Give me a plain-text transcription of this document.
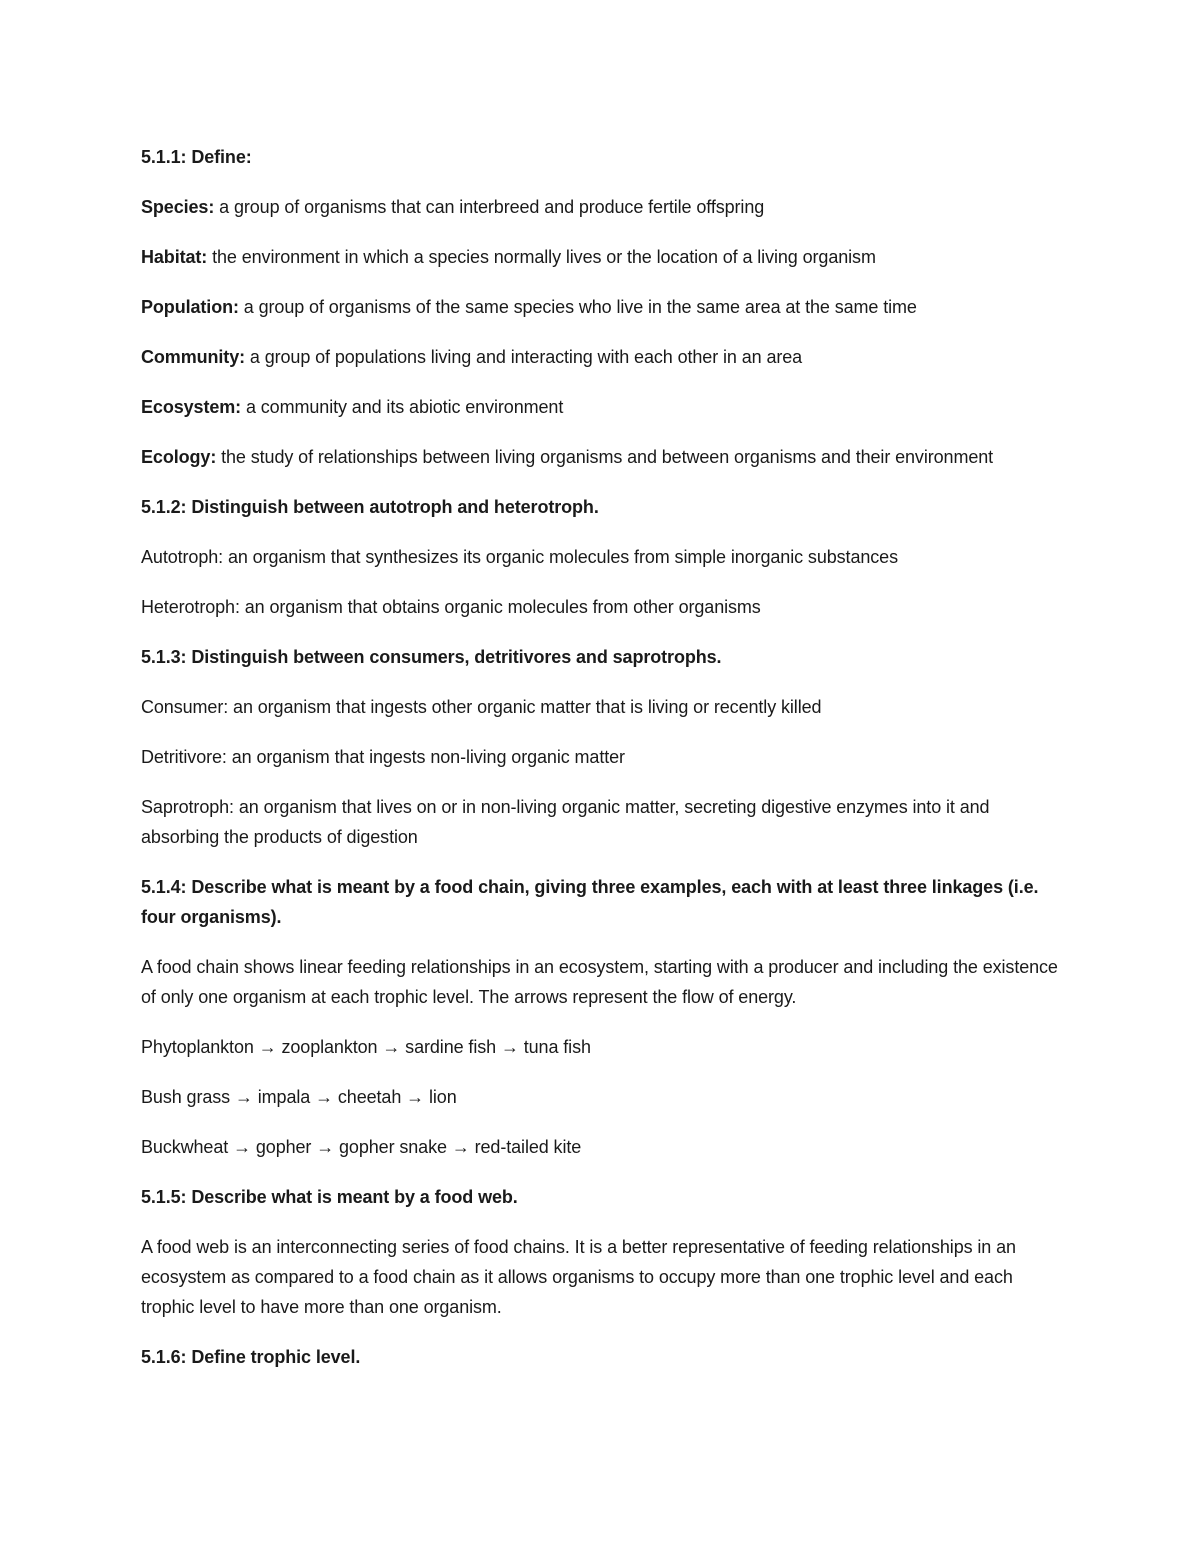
5.1.1: Define:

Species: a group of organisms that can interbreed and produce fertile offspring

Habitat: the environment in which a species normally lives or the location of a living organism

Population: a group of organisms of the same species who live in the same area at the same time

Community: a group of populations living and interacting with each other in an area

Ecosystem: a community and its abiotic environment

Ecology: the study of relationships between living organisms and between organisms and their environment

5.1.2: Distinguish between autotroph and heterotroph.

Autotroph: an organism that synthesizes its organic molecules from simple inorganic substances

Heterotroph: an organism that obtains organic molecules from other organisms

5.1.3: Distinguish between consumers, detritivores and saprotrophs.

Consumer: an organism that ingests other organic matter that is living or recently killed

Detritivore: an organism that ingests non-living organic matter

Saprotroph: an organism that lives on or in non-living organic matter, secreting digestive enzymes into it and absorbing the products of digestion

5.1.4: Describe what is meant by a food chain, giving three examples, each with at least three linkages (i.e. four organisms).

A food chain shows linear feeding relationships in an ecosystem, starting with a producer and including the existence of only one organism at each trophic level. The arrows represent the flow of energy.

Phytoplankton → zooplankton → sardine fish → tuna fish

Bush grass → impala → cheetah → lion

Buckwheat → gopher → gopher snake → red-tailed kite

5.1.5: Describe what is meant by a food web.

A food web is an interconnecting series of food chains. It is a better representative of feeding relationships in an ecosystem as compared to a food chain as it allows organisms to occupy more than one trophic level and each trophic level to have more than one organism.

5.1.6: Define trophic level.
